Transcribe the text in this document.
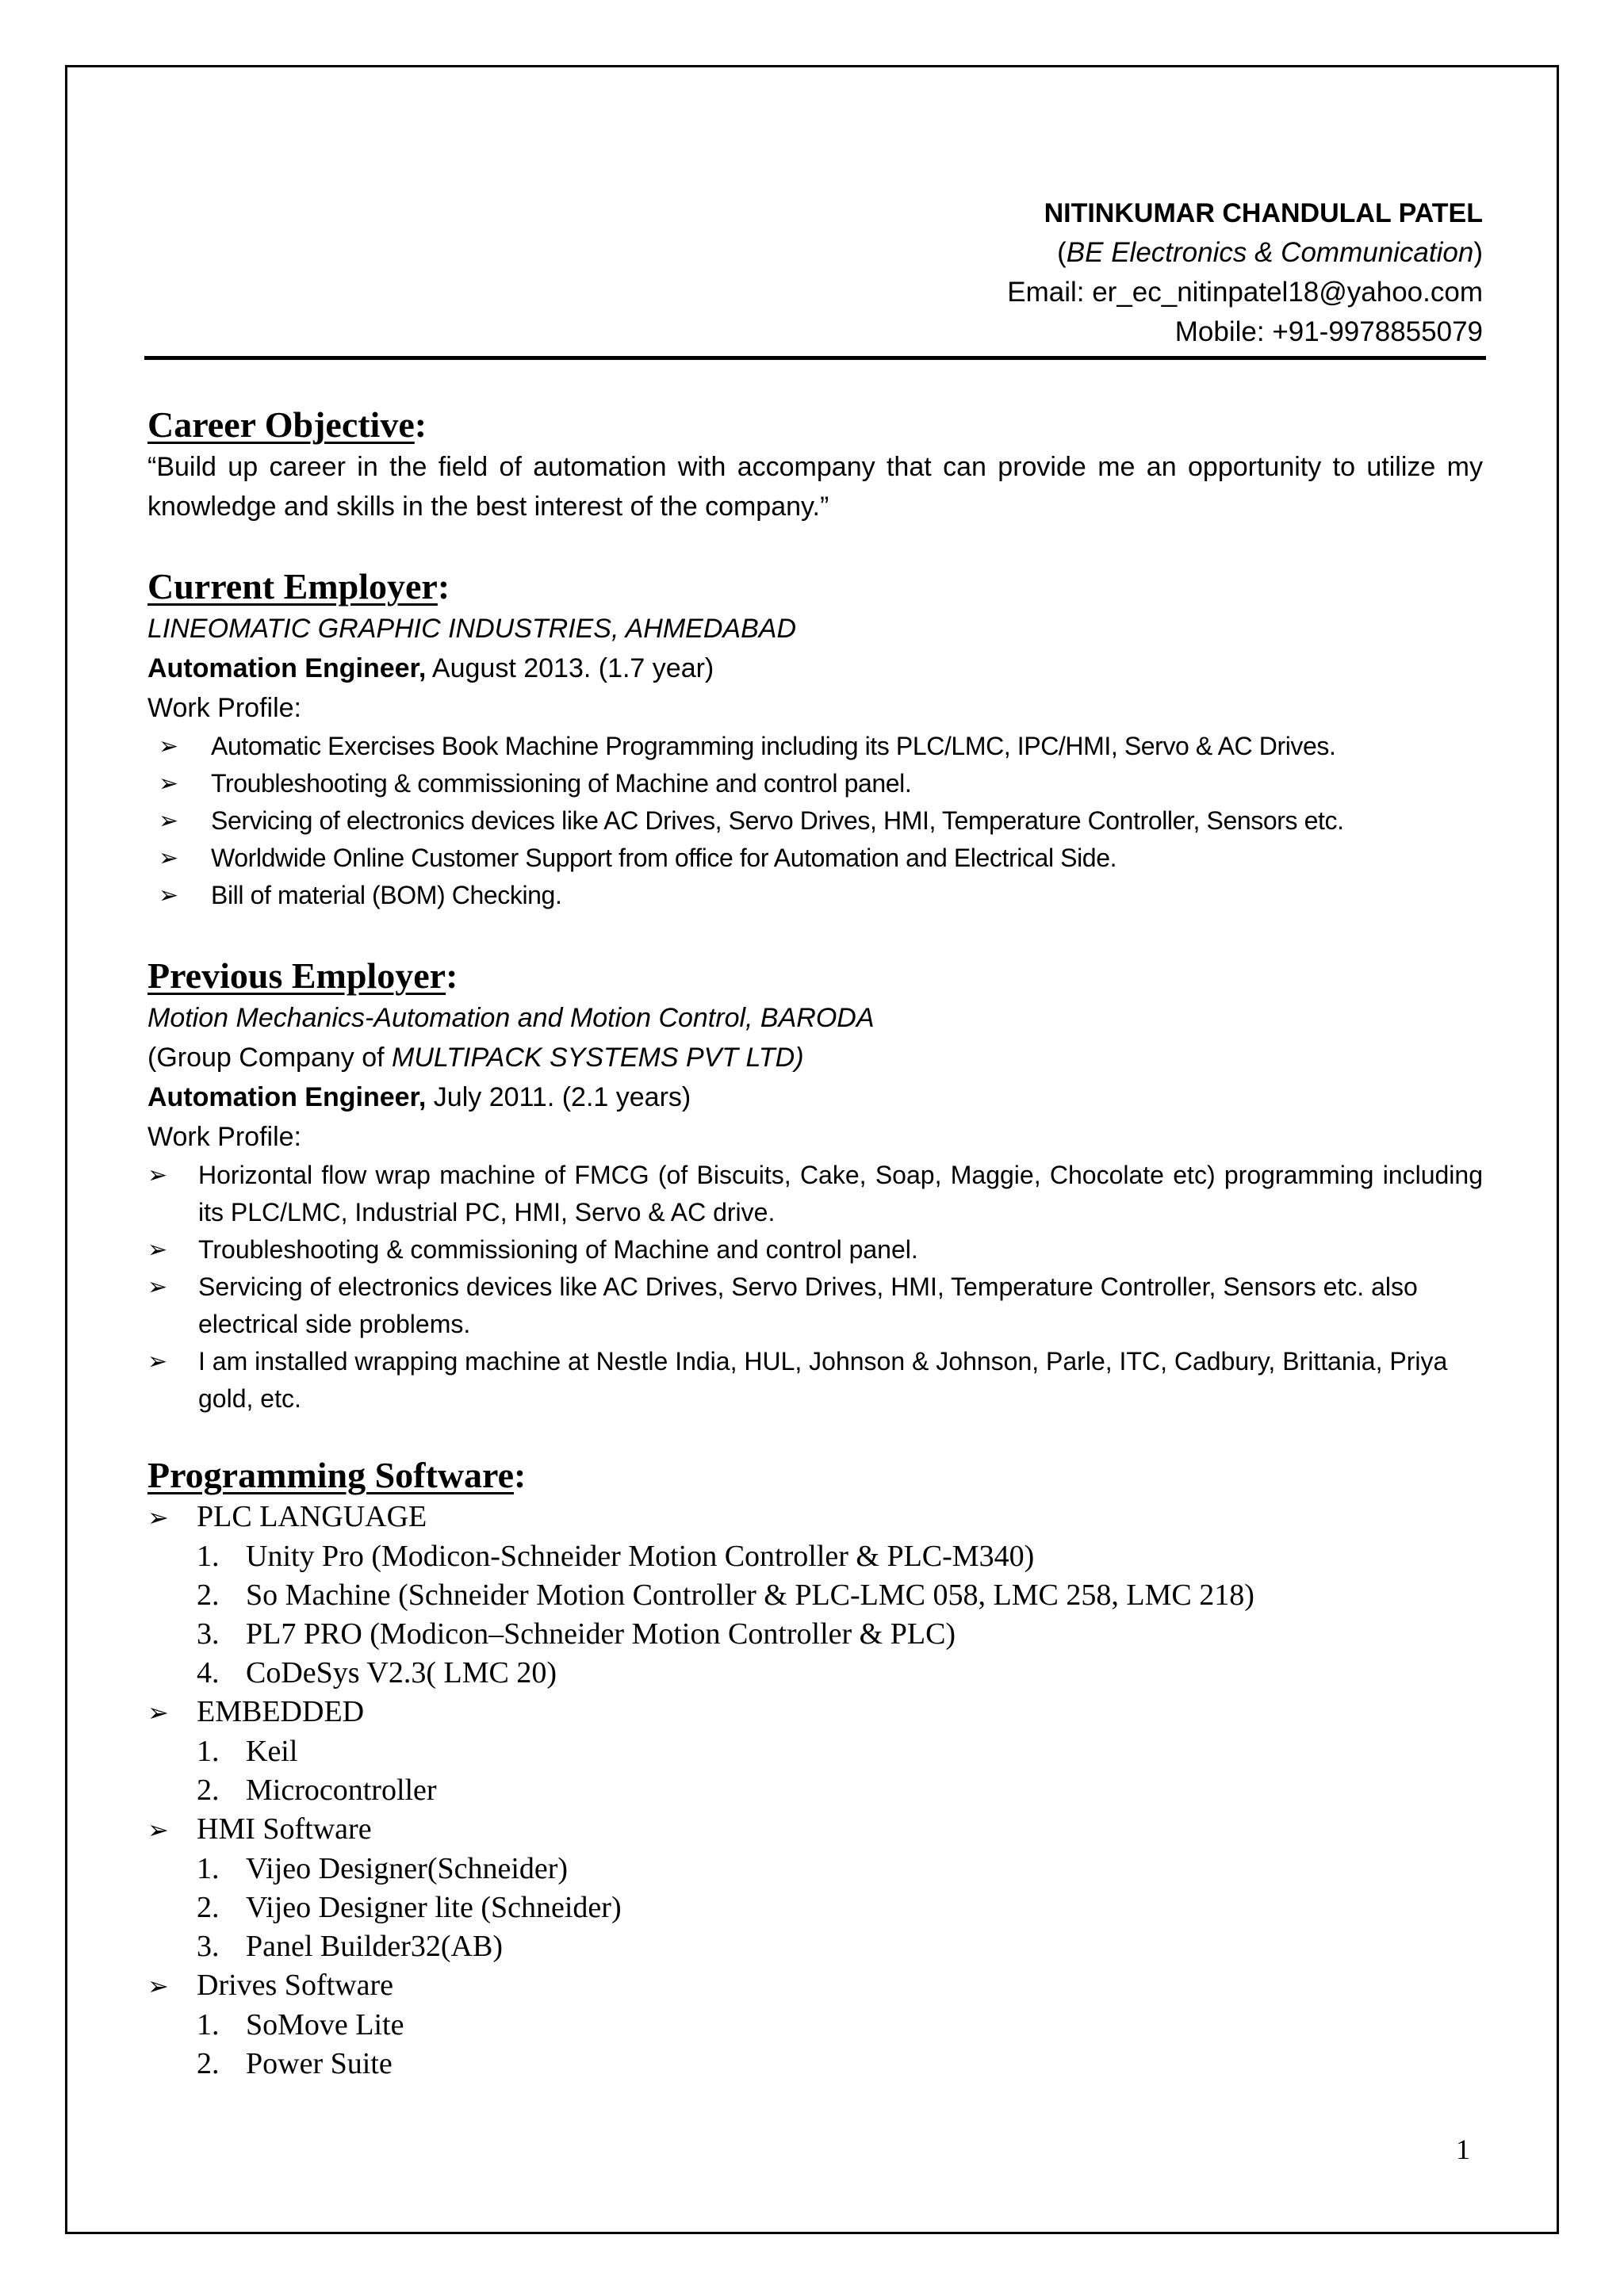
NITINKUMAR CHANDULAL PATEL
(BE Electronics & Communication)
Email: er_ec_nitinpatel18@yahoo.com
Mobile: +91-9978855079
Career Objective:
“Build up career in the field of automation with accompany that can provide me an opportunity to utilize my knowledge and skills in the best interest of the company.”
Current Employer:
LINEOMATIC GRAPHIC INDUSTRIES, AHMEDABAD
Automation Engineer, August 2013. (1.7 year)
Work Profile:
➢ Automatic Exercises Book Machine Programming including its PLC/LMC, IPC/HMI, Servo & AC Drives.
➢ Troubleshooting & commissioning of Machine and control panel.
➢ Servicing of electronics devices like AC Drives, Servo Drives, HMI, Temperature Controller, Sensors etc.
➢ Worldwide Online Customer Support from office for Automation and Electrical Side.
➢ Bill of material (BOM) Checking.
Previous Employer:
Motion Mechanics-Automation and Motion Control, BARODA
(Group Company of MULTIPACK SYSTEMS PVT LTD)
Automation Engineer, July 2011. (2.1 years)
Work Profile:
➢ Horizontal flow wrap machine of FMCG (of Biscuits, Cake, Soap, Maggie, Chocolate etc) programming including its PLC/LMC, Industrial PC, HMI, Servo & AC drive.
➢ Troubleshooting & commissioning of Machine and control panel.
➢ Servicing of electronics devices like AC Drives, Servo Drives, HMI, Temperature Controller, Sensors etc. also electrical side problems.
➢ I am installed wrapping machine at Nestle India, HUL, Johnson & Johnson, Parle, ITC, Cadbury, Brittania, Priya gold, etc.
Programming Software:
➢ PLC LANGUAGE
1. Unity Pro (Modicon-Schneider Motion Controller & PLC-M340)
2. So Machine (Schneider Motion Controller & PLC-LMC 058, LMC 258, LMC 218)
3. PL7 PRO (Modicon–Schneider Motion Controller & PLC)
4. CoDeSys V2.3( LMC 20)
➢ EMBEDDED
1. Keil
2. Microcontroller
➢ HMI Software
1. Vijeo Designer(Schneider)
2. Vijeo Designer lite (Schneider)
3. Panel Builder32(AB)
➢ Drives Software
1. SoMove Lite
2. Power Suite
1
